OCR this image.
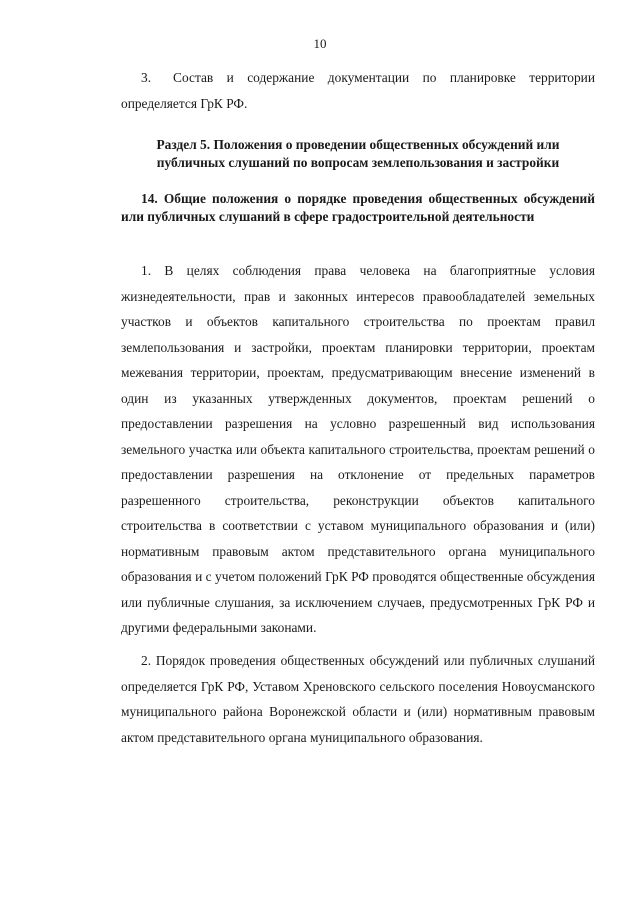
10

3. Состав и содержание документации по планировке территории определяется ГрК РФ.

Раздел 5. Положения о проведении общественных обсуждений или публичных слушаний по вопросам землепользования и застройки

14. Общие положения о порядке проведения общественных обсуждений или публичных слушаний в сфере градостроительной деятельности

1. В целях соблюдения права человека на благоприятные условия жизнедеятельности, прав и законных интересов правообладателей земельных участков и объектов капитального строительства по проектам правил землепользования и застройки, проектам планировки территории, проектам межевания территории, проектам, предусматривающим внесение изменений в один из указанных утвержденных документов, проектам решений о предоставлении разрешения на условно разрешенный вид использования земельного участка или объекта капитального строительства, проектам решений о предоставлении разрешения на отклонение от предельных параметров разрешенного строительства, реконструкции объектов капитального строительства в соответствии с уставом муниципального образования и (или) нормативным правовым актом представительного органа муниципального образования и с учетом положений ГрК РФ проводятся общественные обсуждения или публичные слушания, за исключением случаев, предусмотренных ГрК РФ и другими федеральными законами.

2. Порядок проведения общественных обсуждений или публичных слушаний определяется ГрК РФ, Уставом Хреновского сельского поселения Новоусманского муниципального района Воронежской области и (или) нормативным правовым актом представительного органа муниципального образования.
